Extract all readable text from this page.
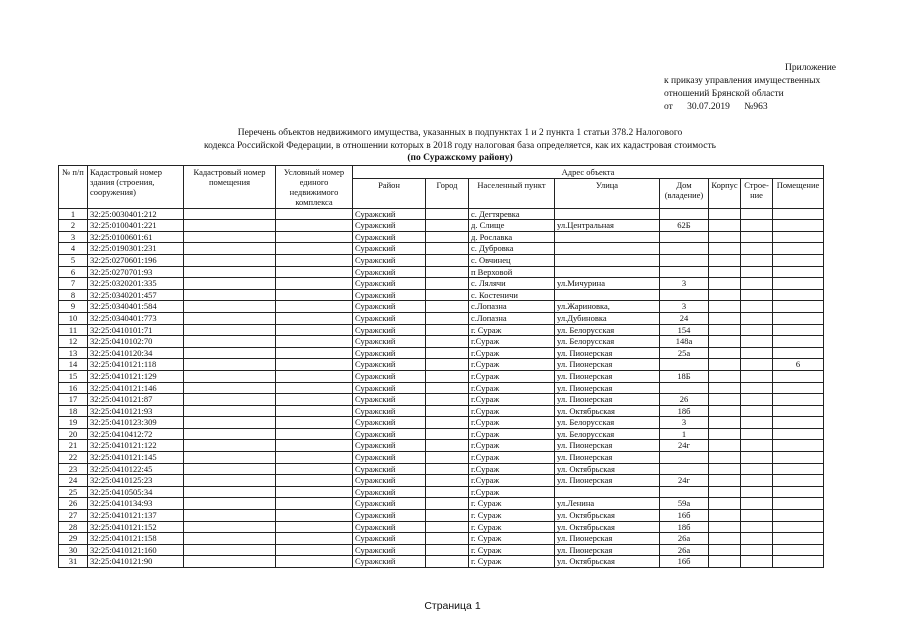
Приложение
к приказу управления имущественных
отношений Брянской области
от 30.07.2019 №963
Перечень объектов недвижимого имущества, указанных в подпунктах 1 и 2 пункта 1 статьи 378.2 Налогового
кодекса Российской Федерации, в отношении которых в 2018 году налоговая база определяется, как их кадастровая стоимость
(по Суражскому району)
№ п/п	Кадастровый номер здания (строения, сооружения)	Кадастровый номер помещения	Условный номер единого недвижимого комплекса	Адрес объекта							
				Район	Город	Населенный пункт	Улица	Дом (владение)	Корпус	Строе-ние	Помещение
1	32:25:0030401:212			Суражский		с. Дегтяревка					
2	32:25:0100401:221			Суражский		д. Слище	ул.Центральная	62Б			
3	32:25:0100601:61			Суражский		д. Рославка					
4	32:25:0190301:231			Суражский		с. Дубровка					
5	32:25:0270601:196			Суражский		с. Овчинец					
6	32:25:0270701:93			Суражский		п Верховой					
7	32:25:0320201:335			Суражский		с. Лялячи	ул.Мичурина	3			
8	32:25:0340201:457			Суражский		с. Костеничи					
9	32:25:0340401:584			Суражский		с.Лопазна	ул.Жариновка,	3			
10	32:25:0340401:773			Суражский		с.Лопазна	ул.Дубиновка	24			
11	32:25:0410101:71			Суражский		г. Сураж	ул. Белорусская	154			
12	32:25:0410102:70			Суражский		г.Сураж	ул. Белорусская	148а			
13	32:25:0410120:34			Суражский		г.Сураж	ул. Пионерская	25а			
14	32:25:0410121:118			Суражский		г.Сураж	ул. Пионерская				6
15	32:25:0410121:129			Суражский		г.Сураж	ул. Пионерская	18Б			
16	32:25:0410121:146			Суражский		г.Сураж	ул. Пионерская				
17	32:25:0410121:87			Суражский		г.Сураж	ул. Пионерская	26			
18	32:25:0410121:93			Суражский		г.Сураж	ул. Октябрьская	18б			
19	32:25:0410123:309			Суражский		г.Сураж	ул. Белорусская	3			
20	32:25:0410412:72			Суражский		г.Сураж	ул. Белорусская	1			
21	32:25:0410121:122			Суражский		г.Сураж	ул. Пионерская	24г			
22	32:25:0410121:145			Суражский		г.Сураж	ул. Пионерская				
23	32:25:0410122:45			Суражский		г.Сураж	ул. Октябрьская				
24	32:25:0410125:23			Суражский		г.Сураж	ул. Пионерская	24г			
25	32:25:0410505:34			Суражский		г.Сураж					
26	32:25:0410134:93			Суражский		г. Сураж	ул.Ленина	59а			
27	32:25:0410121:137			Суражский		г. Сураж	ул. Октябрьская	16б			
28	32:25:0410121:152			Суражский		г. Сураж	ул. Октябрьская	18б			
29	32:25:0410121:158			Суражский		г. Сураж	ул. Пионерская	26а			
30	32:25:0410121:160			Суражский		г. Сураж	ул. Пионерская	26а			
31	32:25:0410121:90			Суражский		г. Сураж	ул. Октябрьская	16б			
Страница 1
